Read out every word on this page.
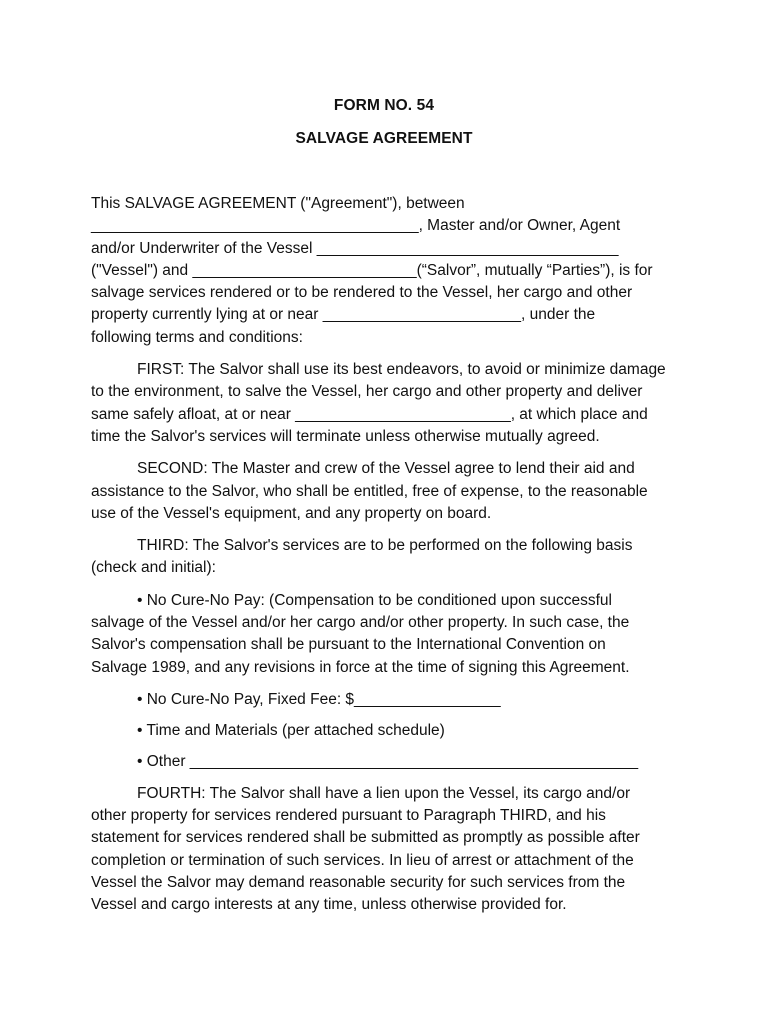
FORM NO. 54
SALVAGE AGREEMENT
This SALVAGE AGREEMENT ("Agreement"), between
______________________________________, Master and/or Owner, Agent
and/or Underwriter of the Vessel ___________________________________
("Vessel") and __________________________(“Salvor”, mutually “Parties”), is for
salvage services rendered or to be rendered to the Vessel, her cargo and other
property currently lying at or near _______________________, under the
following terms and conditions:
FIRST: The Salvor shall use its best endeavors, to avoid or minimize damage
to the environment, to salve the Vessel, her cargo and other property and deliver
same safely afloat, at or near _________________________, at which place and
time the Salvor's services will terminate unless otherwise mutually agreed.
SECOND: The Master and crew of the Vessel agree to lend their aid and
assistance to the Salvor, who shall be entitled, free of expense, to the reasonable
use of the Vessel's equipment, and any property on board.
THIRD: The Salvor's services are to be performed on the following basis
(check and initial):
• No Cure-No Pay: (Compensation to be conditioned upon successful
salvage of the Vessel and/or her cargo and/or other property. In such case, the
Salvor's compensation shall be pursuant to the International Convention on
Salvage 1989, and any revisions in force at the time of signing this Agreement.
• No Cure-No Pay, Fixed Fee: $_________________
• Time and Materials (per attached schedule)
• Other ____________________________________________________
FOURTH: The Salvor shall have a lien upon the Vessel, its cargo and/or
other property for services rendered pursuant to Paragraph THIRD, and his
statement for services rendered shall be submitted as promptly as possible after
completion or termination of such services. In lieu of arrest or attachment of the
Vessel the Salvor may demand reasonable security for such services from the
Vessel and cargo interests at any time, unless otherwise provided for.
